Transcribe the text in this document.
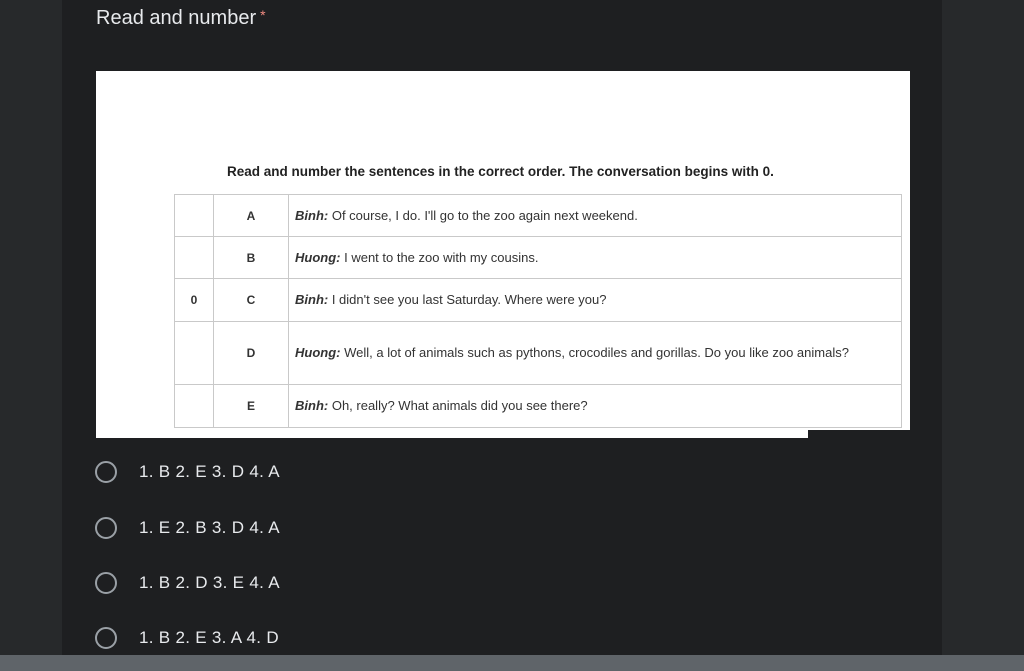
Read and number *
Read and number the sentences in the correct order. The conversation begins with 0.
	A	Binh: Of course, I do. I'll go to the zoo again next weekend.
	B	Huong: I went to the zoo with my cousins.
0	C	Binh: I didn't see you last Saturday. Where were you?
	D	Huong: Well, a lot of animals such as pythons, crocodiles and gorillas. Do you like zoo animals?
	E	Binh: Oh, really? What animals did you see there?
1. B 2. E 3. D 4. A
1. E 2. B 3. D 4. A
1. B 2. D 3. E 4. A
1. B 2. E 3. A 4. D
